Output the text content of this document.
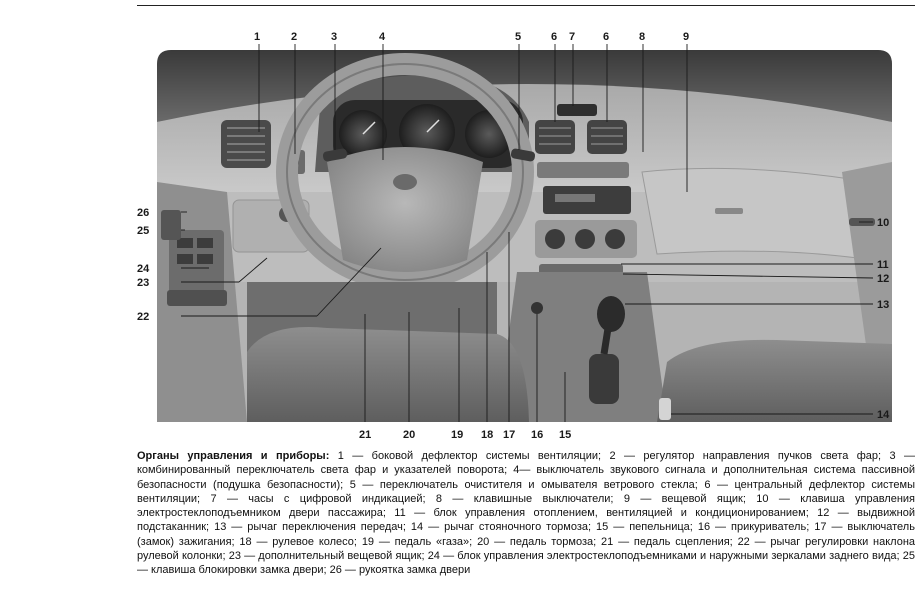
1	2	3	4	5	6 7	6	8	9
10
11
12
13
14
15
16
17
18
19
20
21
22
23
24
25
26
Органы управления и приборы: 1 — боковой дефлектор системы вентиляции; 2 — регулятор направления пучков света фар; 3 — комбинированный переключатель света фар и указателей поворота; 4— выключатель звукового сигнала и дополнительная система пассивной безопасности (подушка безопасности); 5 — переключатель очистителя и омывателя ветрового стекла; 6 — центральный дефлектор системы вентиляции; 7 — часы с цифровой индикацией; 8 — клавишные выключатели; 9 — вещевой ящик; 10 — клавиша управления электростеклоподъемником двери пассажира; 11 — блок управления отоплением, вентиляцией и кондиционированием; 12 — выдвижной подстаканник; 13 — рычаг переключения передач; 14 — рычаг стояночного тормоза; 15 — пепельница; 16 — прикуриватель; 17 — выключатель (замок) зажигания; 18 — рулевое колесо; 19 — педаль «газа»; 20 — педаль тормоза; 21 — педаль сцепления; 22 — рычаг регулировки наклона рулевой колонки; 23 — дополнительный вещевой ящик; 24 — блок управления электростеклоподъемниками и наружными зеркалами заднего вида; 25 — клавиша блокировки замка двери; 26 — рукоятка замка двери
